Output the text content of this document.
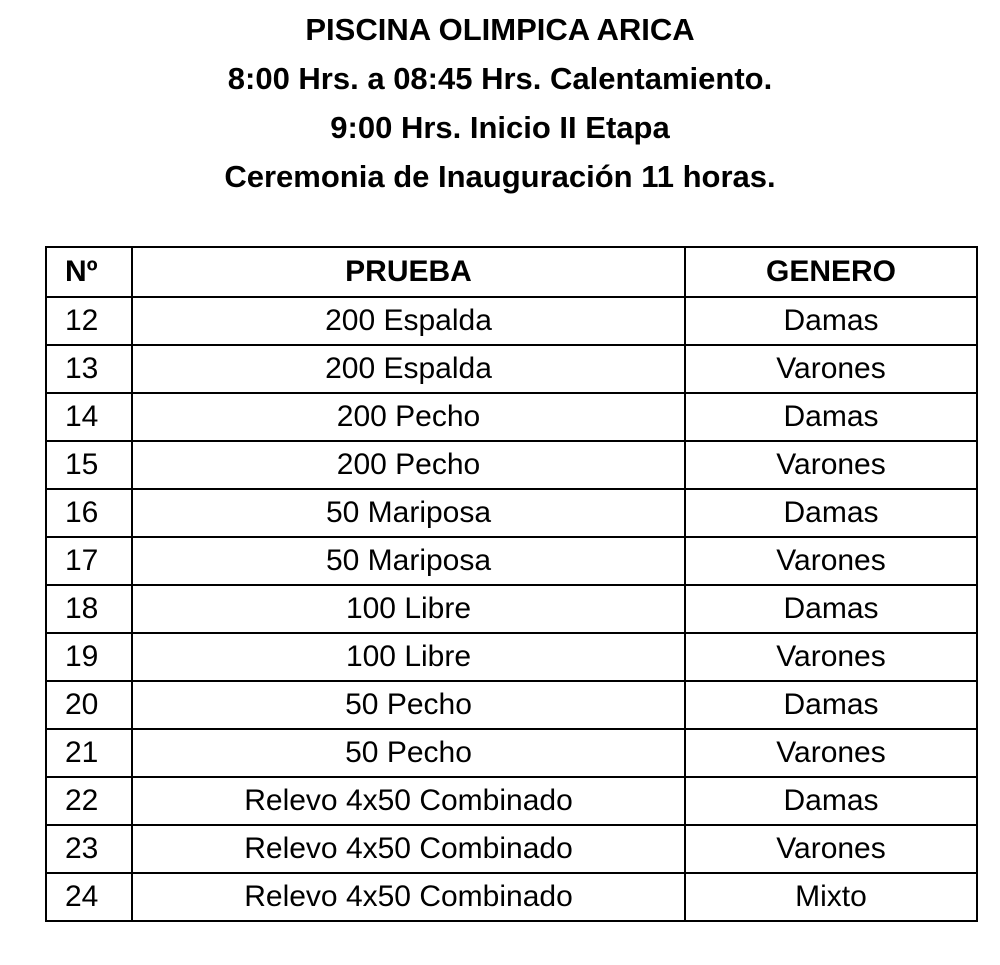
PISCINA OLIMPICA ARICA
8:00 Hrs. a 08:45 Hrs. Calentamiento.
9:00 Hrs. Inicio II Etapa
Ceremonia de Inauguración 11 horas.
Nº	PRUEBA	GENERO
12	200 Espalda	Damas
13	200 Espalda	Varones
14	200 Pecho	Damas
15	200 Pecho	Varones
16	50 Mariposa	Damas
17	50 Mariposa	Varones
18	100 Libre	Damas
19	100 Libre	Varones
20	50 Pecho	Damas
21	50 Pecho	Varones
22	Relevo 4x50 Combinado	Damas
23	Relevo 4x50 Combinado	Varones
24	Relevo 4x50 Combinado	Mixto
